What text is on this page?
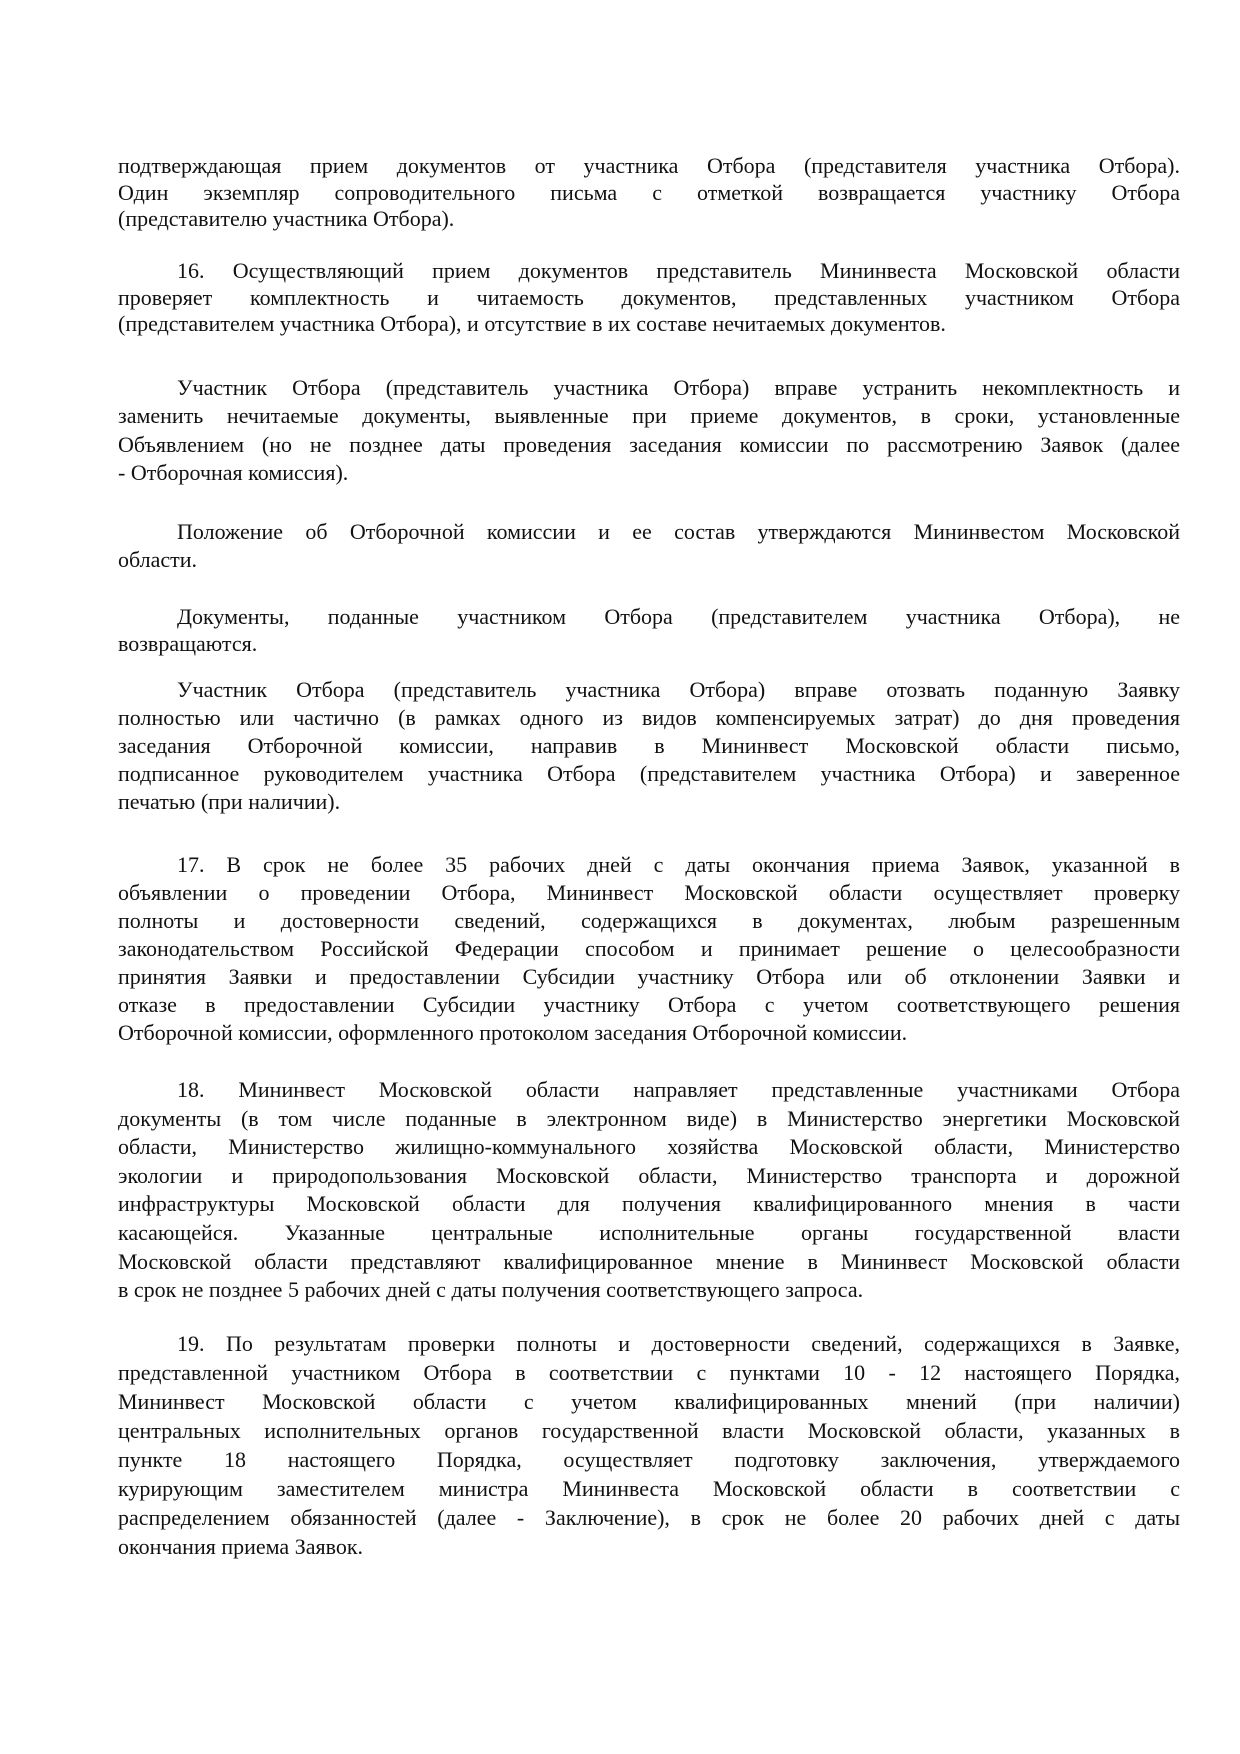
подтверждающая прием документов от участника Отбора (представителя участника Отбора).
Один экземпляр сопроводительного письма с отметкой возвращается участнику Отбора
(представителю участника Отбора).
16. Осуществляющий прием документов представитель Мининвеста Московской области
проверяет комплектность и читаемость документов, представленных участником Отбора
(представителем участника Отбора), и отсутствие в их составе нечитаемых документов.
Участник Отбора (представитель участника Отбора) вправе устранить некомплектность и
заменить нечитаемые документы, выявленные при приеме документов, в сроки, установленные
Объявлением (но не позднее даты проведения заседания комиссии по рассмотрению Заявок (далее
- Отборочная комиссия).
Положение об Отборочной комиссии и ее состав утверждаются Мининвестом Московской
области.
Документы, поданные участником Отбора (представителем участника Отбора), не
возвращаются.
Участник Отбора (представитель участника Отбора) вправе отозвать поданную Заявку
полностью или частично (в рамках одного из видов компенсируемых затрат) до дня проведения
заседания Отборочной комиссии, направив в Мининвест Московской области письмо,
подписанное руководителем участника Отбора (представителем участника Отбора) и заверенное
печатью (при наличии).
17. В срок не более 35 рабочих дней с даты окончания приема Заявок, указанной в
объявлении о проведении Отбора, Мининвест Московской области осуществляет проверку
полноты и достоверности сведений, содержащихся в документах, любым разрешенным
законодательством Российской Федерации способом и принимает решение о целесообразности
принятия Заявки и предоставлении Субсидии участнику Отбора или об отклонении Заявки и
отказе в предоставлении Субсидии участнику Отбора с учетом соответствующего решения
Отборочной комиссии, оформленного протоколом заседания Отборочной комиссии.
18. Мининвест Московской области направляет представленные участниками Отбора
документы (в том числе поданные в электронном виде) в Министерство энергетики Московской
области, Министерство жилищно-коммунального хозяйства Московской области, Министерство
экологии и природопользования Московской области, Министерство транспорта и дорожной
инфраструктуры Московской области для получения квалифицированного мнения в части
касающейся. Указанные центральные исполнительные органы государственной власти
Московской области представляют квалифицированное мнение в Мининвест Московской области
в срок не позднее 5 рабочих дней с даты получения соответствующего запроса.
19. По результатам проверки полноты и достоверности сведений, содержащихся в Заявке,
представленной участником Отбора в соответствии с пунктами 10 - 12 настоящего Порядка,
Мининвест Московской области с учетом квалифицированных мнений (при наличии)
центральных исполнительных органов государственной власти Московской области, указанных в
пункте 18 настоящего Порядка, осуществляет подготовку заключения, утверждаемого
курирующим заместителем министра Мининвеста Московской области в соответствии с
распределением обязанностей (далее - Заключение), в срок не более 20 рабочих дней с даты
окончания приема Заявок.
